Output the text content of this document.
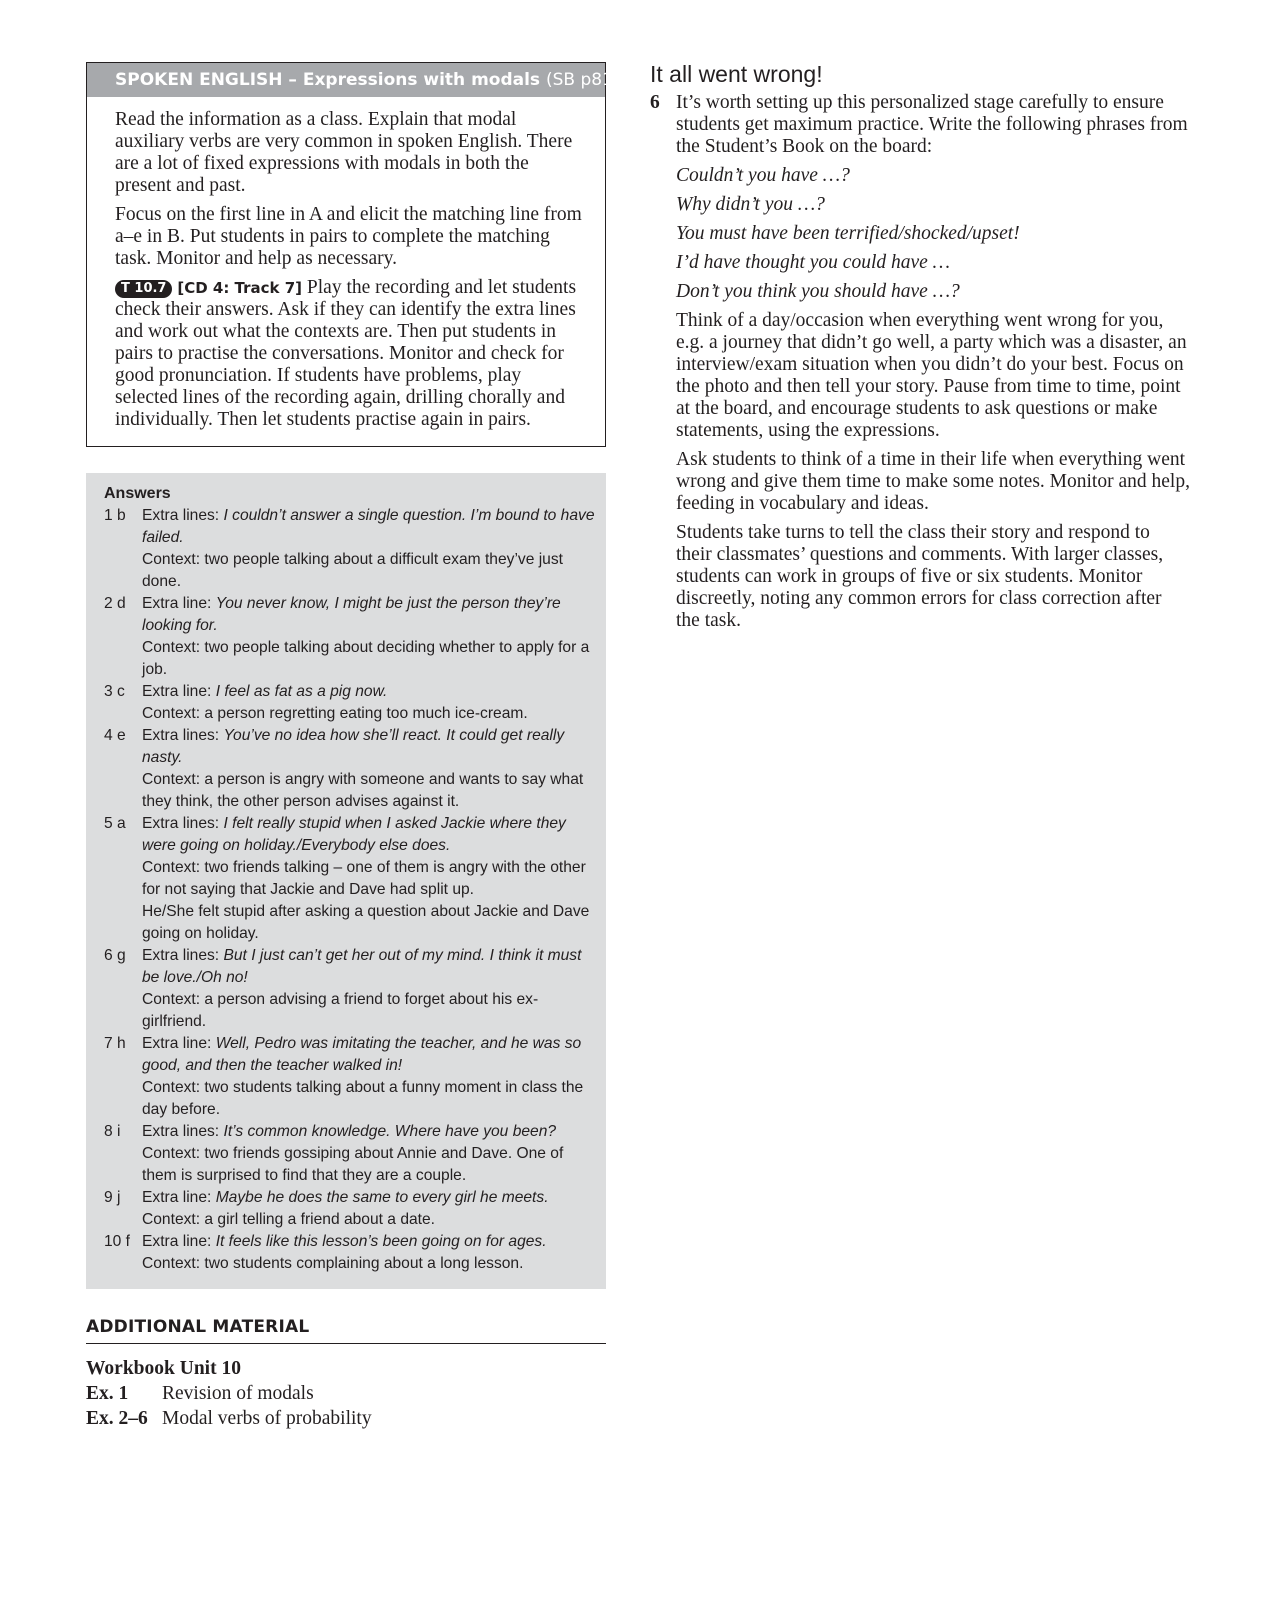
SPOKEN ENGLISH – Expressions with modals (SB p81)

Read the information as a class. Explain that modal auxiliary verbs are very common in spoken English. There are a lot of fixed expressions with modals in both the present and past.

Focus on the first line in A and elicit the matching line from a–e in B. Put students in pairs to complete the matching task. Monitor and help as necessary.

T 10.7 [CD 4: Track 7] Play the recording and let students check their answers. Ask if they can identify the extra lines and work out what the contexts are. Then put students in pairs to practise the conversations. Monitor and check for good pronunciation. If students have problems, play selected lines of the recording again, drilling chorally and individually. Then let students practise again in pairs.

Answers
1 b	Extra lines: I couldn’t answer a single question. I’m bound to have failed.
Context: two people talking about a difficult exam they’ve just done.
2 d	Extra line: You never know, I might be just the person they’re looking for.
Context: two people talking about deciding whether to apply for a job.
3 c	Extra line: I feel as fat as a pig now.
Context: a person regretting eating too much ice-cream.
4 e	Extra lines: You’ve no idea how she’ll react. It could get really nasty.
Context: a person is angry with someone and wants to say what they think, the other person advises against it.
5 a	Extra lines: I felt really stupid when I asked Jackie where they were going on holiday./Everybody else does.
Context: two friends talking – one of them is angry with the other for not saying that Jackie and Dave had split up.
He/She felt stupid after asking a question about Jackie and Dave going on holiday.
6 g	Extra lines: But I just can’t get her out of my mind. I think it must be love./Oh no!
Context: a person advising a friend to forget about his ex-girlfriend.
7 h	Extra line: Well, Pedro was imitating the teacher, and he was so good, and then the teacher walked in!
Context: two students talking about a funny moment in class the day before.
8 i	Extra lines: It’s common knowledge. Where have you been?
Context: two friends gossiping about Annie and Dave. One of them is surprised to find that they are a couple.
9 j	Extra line: Maybe he does the same to every girl he meets.
Context: a girl telling a friend about a date.
10 f Extra line: It feels like this lesson’s been going on for ages.
Context: two students complaining about a long lesson.
ADDITIONAL MATERIAL
Workbook Unit 10
Ex. 1	Revision of modals
Ex. 2–6 Modal verbs of probability
It all went wrong!
6 It’s worth setting up this personalized stage carefully to ensure students get maximum practice. Write the following phrases from the Student’s Book on the board:

Couldn’t you have …?

Why didn’t you …?

You must have been terrified/shocked/upset!

I’d have thought you could have …

Don’t you think you should have …?

Think of a day/occasion when everything went wrong for you, e.g. a journey that didn’t go well, a party which was a disaster, an interview/exam situation when you didn’t do your best. Focus on the photo and then tell your story. Pause from time to time, point at the board, and encourage students to ask questions or make statements, using the expressions.

Ask students to think of a time in their life when everything went wrong and give them time to make some notes. Monitor and help, feeding in vocabulary and ideas.

Students take turns to tell the class their story and respond to their classmates’ questions and comments. With larger classes, students can work in groups of five or six students. Monitor discreetly, noting any common errors for class correction after the task.
